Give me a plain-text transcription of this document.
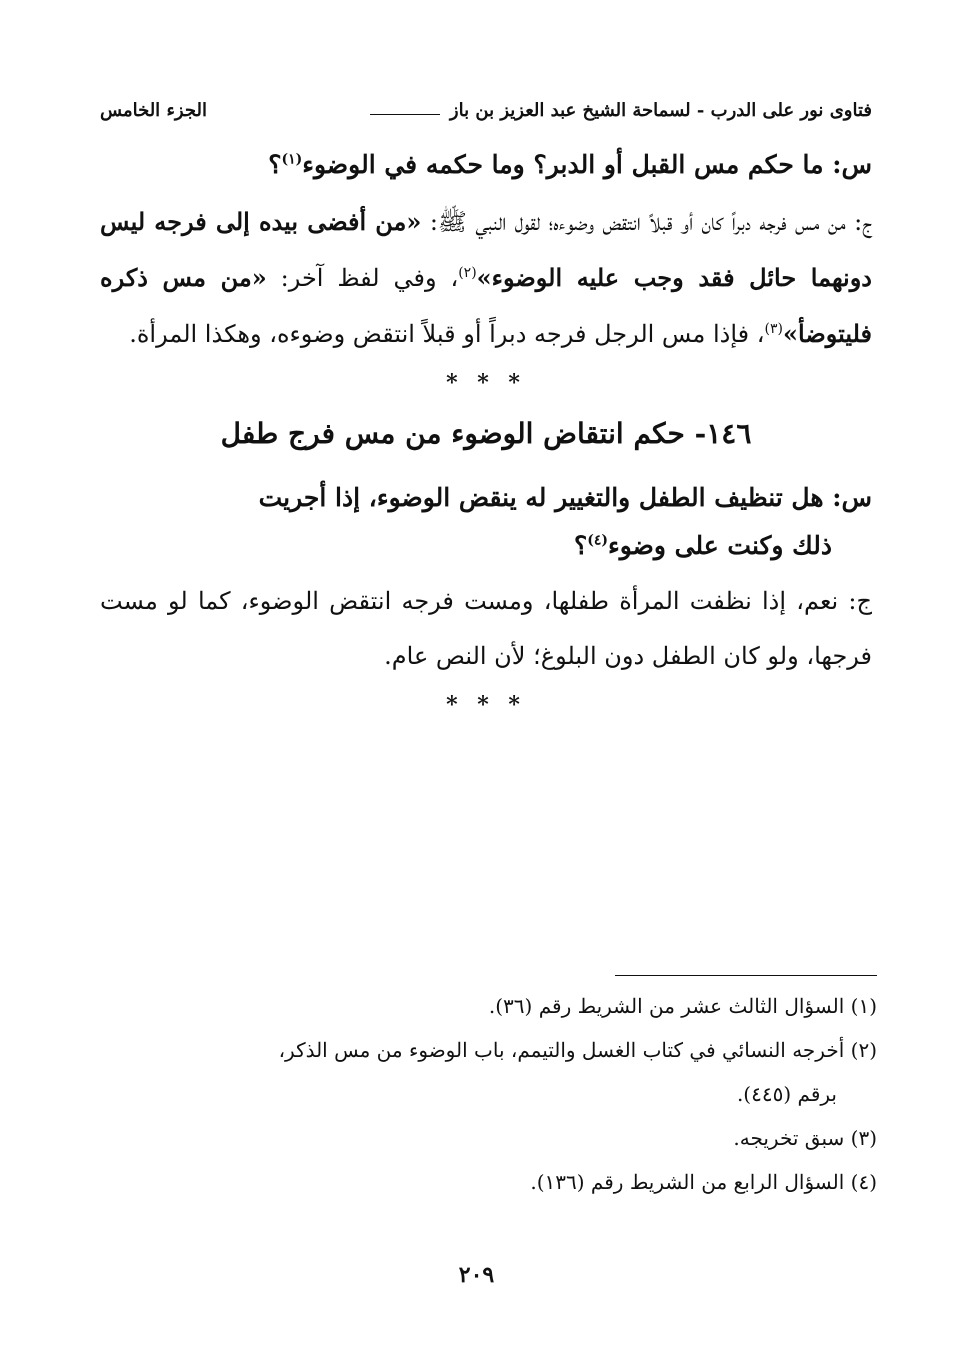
فتاوى نور على الدرب - لسماحة الشيخ عبد العزيز بن باز
الجزء الخامس
س: ما حكم مس القبل أو الدبر؟ وما حكمه في الوضوء$^{(١)}$؟
ج: من مس فرجه دبراً كان أو قبلاً انتقض وضوءه؛ لقول النبي ﷺ: «من أفضى بيده إلى فرجه ليس دونهما حائل فقد وجب عليه الوضوء»$^{(٢)}$، وفي لفظ آخر: «من مس ذكره فليتوضأ»$^{(٣)}$، فإذا مس الرجل فرجه دبراً أو قبلاً انتقض وضوءه، وهكذا المرأة.
* * *
١٤٦- حكم انتقاض الوضوء من مس فرج طفل
س: هل تنظيف الطفل والتغيير له ينقض الوضوء، إذا أجريت
ذلك وكنت على وضوء$^{(٤)}$؟
ج: نعم، إذا نظفت المرأة طفلها، ومست فرجه انتقض الوضوء، كما لو مست فرجها، ولو كان الطفل دون البلوغ؛ لأن النص عام.
* * *
(١) السؤال الثالث عشر من الشريط رقم (٣٦).
(٢) أخرجه النسائي في كتاب الغسل والتيمم، باب الوضوء من مس الذكر،
برقم (٤٤٥).
(٣) سبق تخريجه.
(٤) السؤال الرابع من الشريط رقم (١٣٦).
٢٠٩
